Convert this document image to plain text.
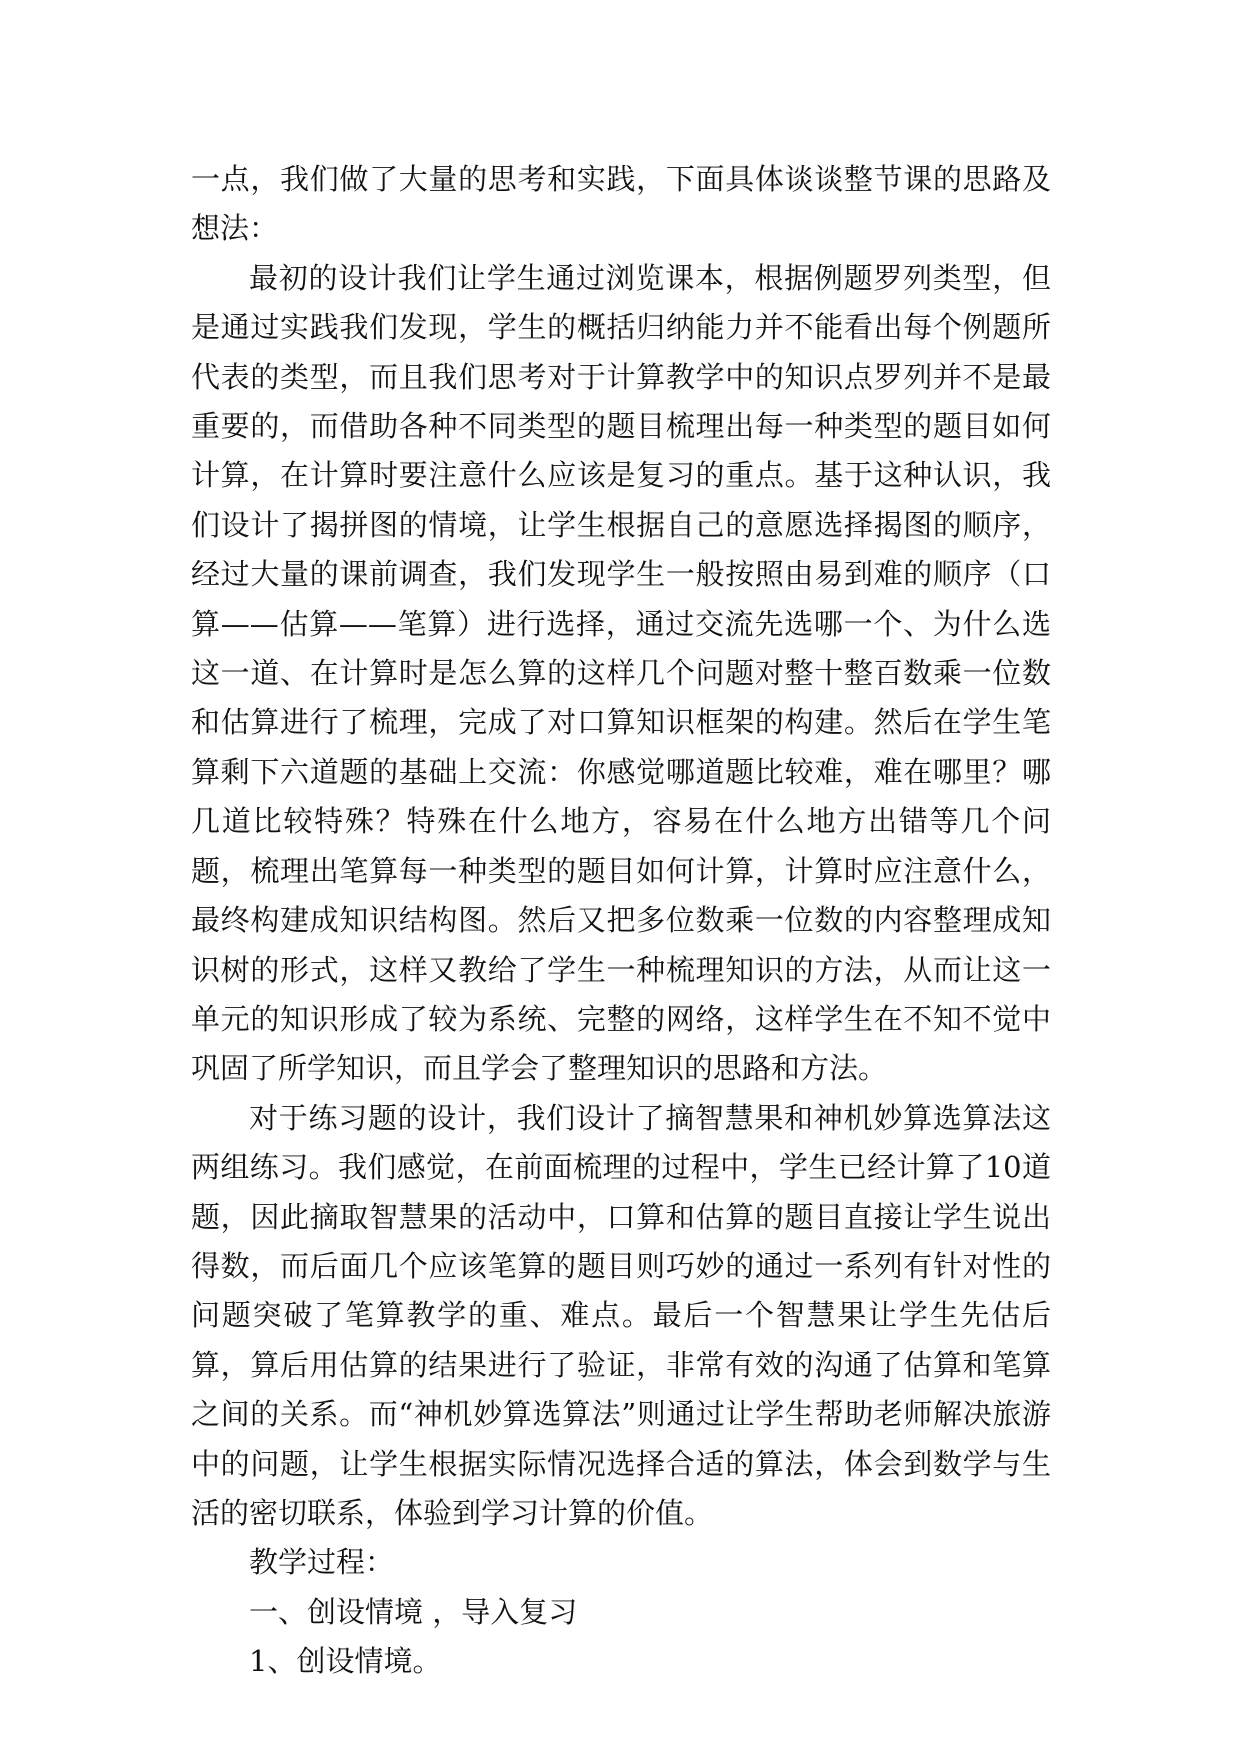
一点，我们做了大量的思考和实践，下面具体谈谈整节课的思路及想法：

最初的设计我们让学生通过浏览课本，根据例题罗列类型，但是通过实践我们发现，学生的概括归纳能力并不能看出每个例题所代表的类型，而且我们思考对于计算教学中的知识点罗列并不是最重要的，而借助各种不同类型的题目梳理出每一种类型的题目如何计算，在计算时要注意什么应该是复习的重点。基于这种认识，我们设计了揭拼图的情境，让学生根据自己的意愿选择揭图的顺序，经过大量的课前调查，我们发现学生一般按照由易到难的顺序（口算——估算——笔算）进行选择，通过交流先选哪一个、为什么选这一道、在计算时是怎么算的这样几个问题对整十整百数乘一位数和估算进行了梳理，完成了对口算知识框架的构建。然后在学生笔算剩下六道题的基础上交流：你感觉哪道题比较难，难在哪里？哪几道比较特殊？特殊在什么地方，容易在什么地方出错等几个问题，梳理出笔算每一种类型的题目如何计算，计算时应注意什么，最终构建成知识结构图。然后又把多位数乘一位数的内容整理成知识树的形式，这样又教给了学生一种梳理知识的方法，从而让这一单元的知识形成了较为系统、完整的网络，这样学生在不知不觉中巩固了所学知识，而且学会了整理知识的思路和方法。

对于练习题的设计，我们设计了摘智慧果和神机妙算选算法这两组练习。我们感觉，在前面梳理的过程中，学生已经计算了10道题，因此摘取智慧果的活动中，口算和估算的题目直接让学生说出得数，而后面几个应该笔算的题目则巧妙的通过一系列有针对性的问题突破了笔算教学的重、难点。最后一个智慧果让学生先估后算，算后用估算的结果进行了验证，非常有效的沟通了估算和笔算之间的关系。而“神机妙算选算法”则通过让学生帮助老师解决旅游中的问题，让学生根据实际情况选择合适的算法，体会到数学与生活的密切联系，体验到学习计算的价值。

教学过程：

一、创设情境 ，导入复习

1、创设情境。
